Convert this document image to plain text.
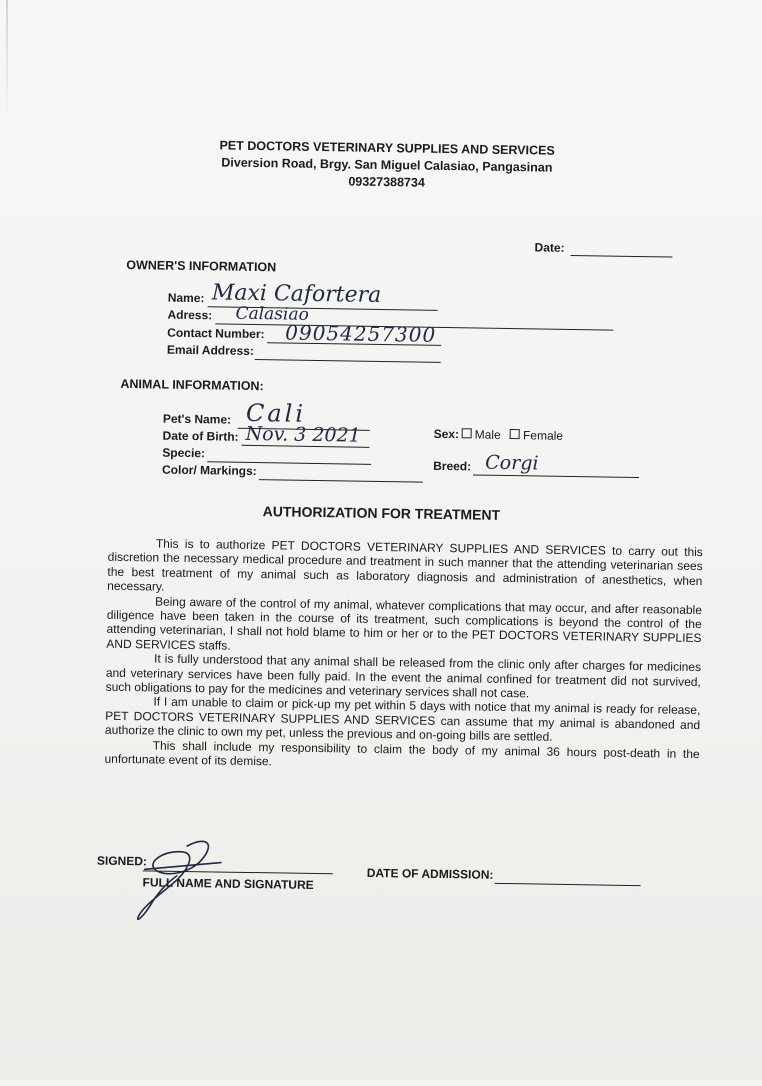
PET DOCTORS VETERINARY SUPPLIES AND SERVICES
Diversion Road, Brgy. San Miguel Calasiao, Pangasinan
09327388734
Date:
OWNER'S INFORMATION
Name: Maxi Cafortera
Adress: Calasiao
Contact Number: 09054257300
Email Address:
ANIMAL INFORMATION:
Pet's Name: Cali
Date of Birth: Nov. 3 2021
Specie:
Color/ Markings:
Sex:	Male Female
Breed: Corgi
AUTHORIZATION FOR TREATMENT

This is to authorize PET DOCTORS VETERINARY SUPPLIES AND SERVICES to carry out this discretion the necessary medical procedure and treatment in such manner that the attending veterinarian sees the best treatment of my animal such as laboratory diagnosis and administration of anesthetics, when necessary.

Being aware of the control of my animal, whatever complications that may occur, and after reasonable diligence have been taken in the course of its treatment, such complications is beyond the control of the attending veterinarian, I shall not hold blame to him or her or to the PET DOCTORS VETERINARY SUPPLIES AND SERVICES staffs.

It is fully understood that any animal shall be released from the clinic only after charges for medicines and veterinary services have been fully paid. In the event the animal confined for treatment did not survived, such obligations to pay for the medicines and veterinary services shall not case.

If I am unable to claim or pick-up my pet within 5 days with notice that my animal is ready for release, PET DOCTORS VETERINARY SUPPLIES AND SERVICES can assume that my animal is abandoned and authorize the clinic to own my pet, unless the previous and on-going bills are settled.

This shall include my responsibility to claim the body of my animal 36 hours post-death in the unfortunate event of its demise.

SIGNED:
FULL NAME AND SIGNATURE
DATE OF ADMISSION:
